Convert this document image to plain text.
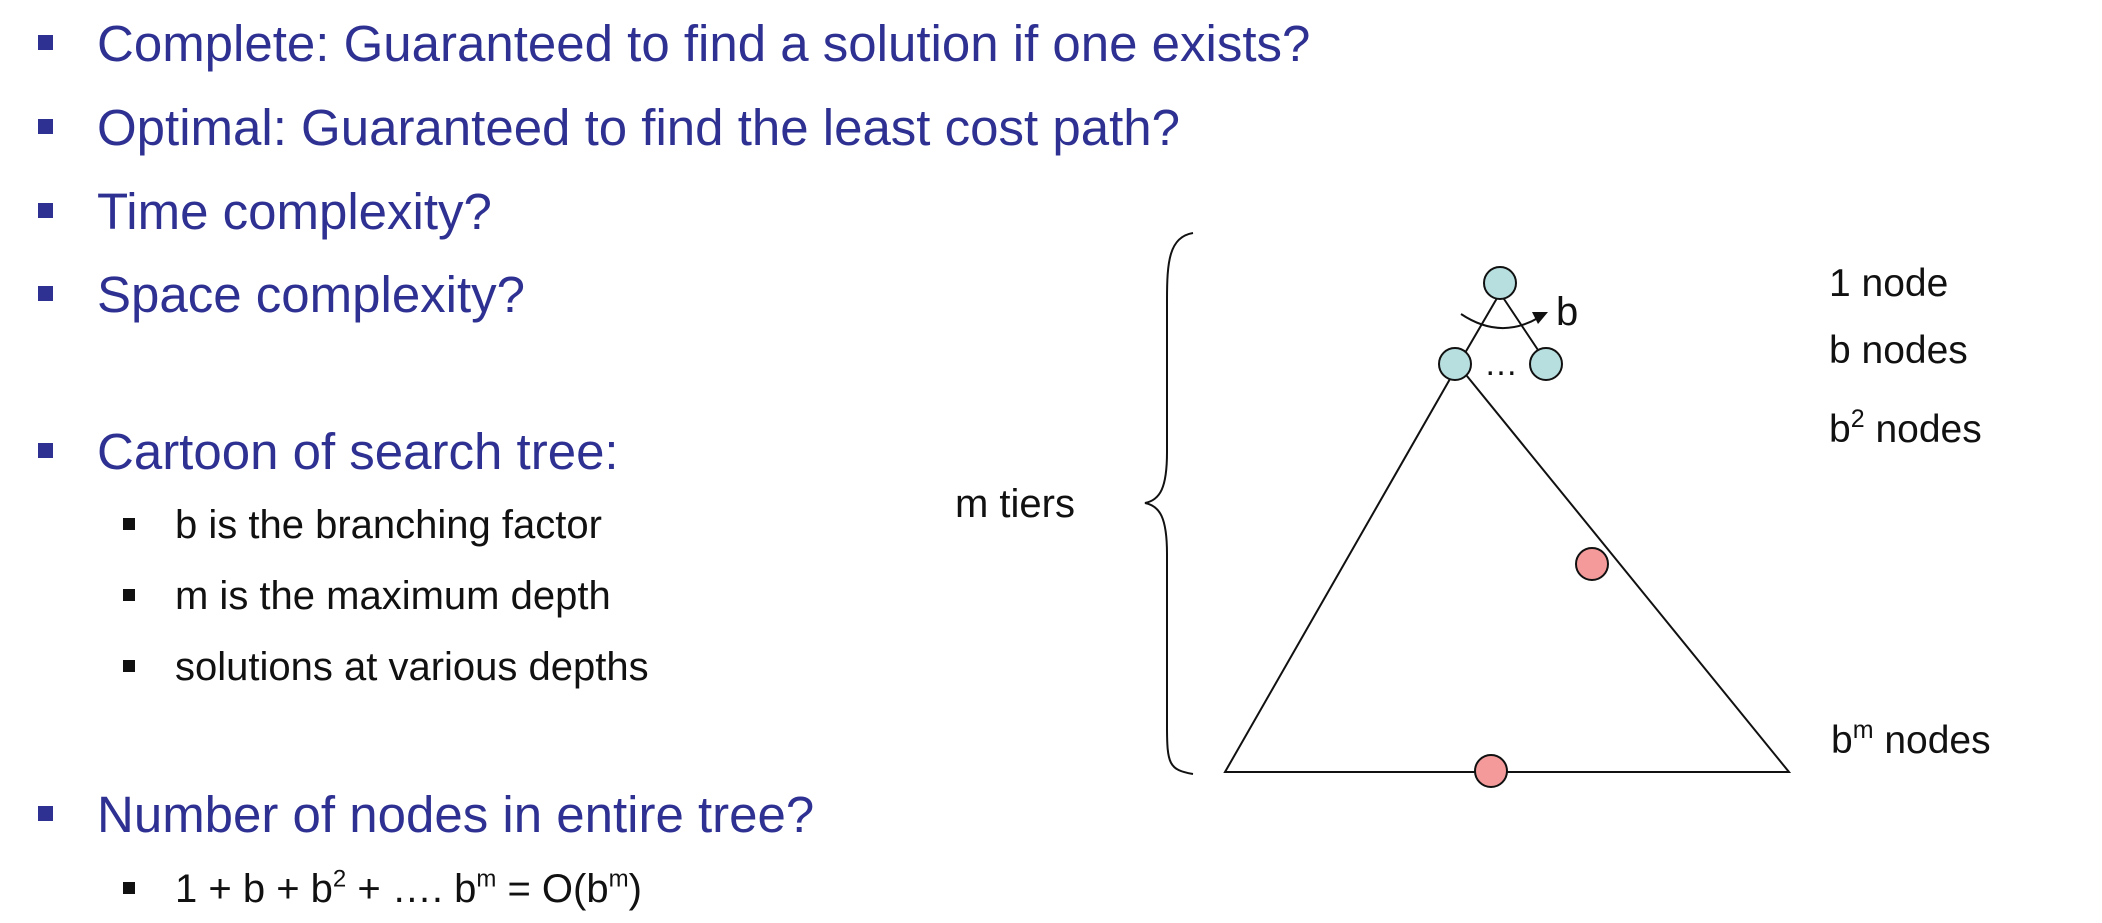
Complete: Guaranteed to find a solution if one exists?
Optimal: Guaranteed to find the least cost path?
Time complexity?
Space complexity?
Cartoon of search tree:
b is the branching factor
m is the maximum depth
solutions at various depths
Number of nodes in entire tree?
$1 + b + b^2$ + …. $b^m = O(b^m)$
m tiers
b
…
1 node
b nodes
$b^2$ nodes
$b^m$ nodes
